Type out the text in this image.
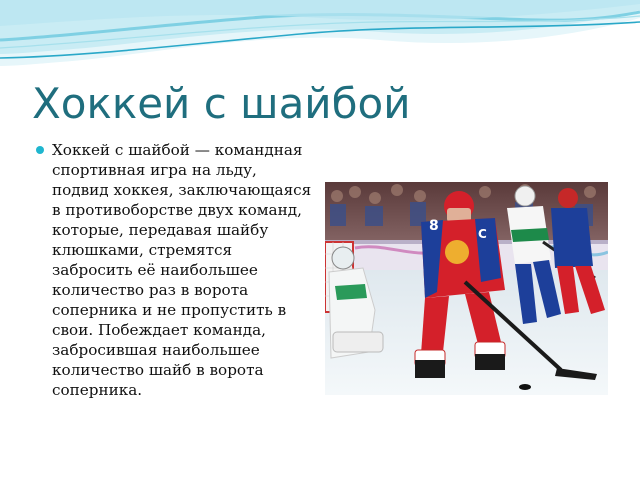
Хоккей с шайбой
Хоккей с шайбой — командная спортивная игра на льду, подвид хоккея, заключающаяся в противоборстве двух команд, которые, передавая шайбу клюшками, стремятся забросить её наибольшее количество раз в ворота соперника и не пропустить в свои. Побеждает команда, забросившая наибольшее количество шайб в ворота соперника.
C
8
